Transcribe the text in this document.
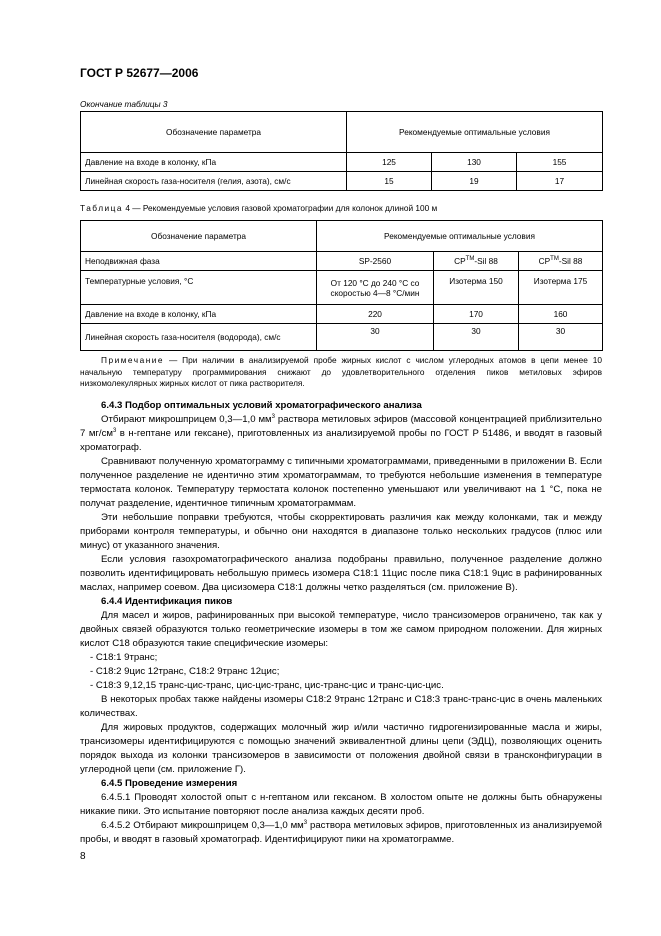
ГОСТ Р 52677—2006
Окончание таблицы 3
Обозначение параметра	Рекомендуемые оптимальные условия		
Давление на входе в колонку, кПа	125	130	155
Линейная скорость газа-носителя (гелия, азота), см/с	15	19	17
Таблица 4 — Рекомендуемые условия газовой хроматографии для колонок длиной 100 м
Обозначение параметра	Рекомендуемые оптимальные условия		
Неподвижная фаза	SP-2560	CP™-Sil 88	CP™-Sil 88
Температурные условия, °С	От 120 °С до 240 °С со скоростью 4—8 °С/мин	Изотерма 150	Изотерма 175
Давление на входе в колонку, кПа	220	170	160
Линейная скорость газа-носителя (водорода), см/с	30	30	30
Примечание — При наличии в анализируемой пробе жирных кислот с числом углеродных атомов в цепи менее 10 начальную температуру программирования снижают до удовлетворительного отделения пиков метиловых эфиров низкомолекулярных жирных кислот от пика растворителя.

6.4.3 Подбор оптимальных условий хроматографического анализа

Отбирают микрошприцем 0,3—1,0 $мм^3$ раствора метиловых эфиров (массовой концентрацией приблизительно 7 $мг/см^3$ в н-гептане или гексане), приготовленных из анализируемой пробы по ГОСТ Р 51486, и вводят в газовый хроматограф.

Сравнивают полученную хроматограмму с типичными хроматограммами, приведенными в приложении В. Если полученное разделение не идентично этим хроматограммам, то требуются небольшие изменения в температуре термостата колонок. Температуру термостата колонок постепенно уменьшают или увеличивают на 1 °С, пока не получат разделение, идентичное типичным хроматограммам.

Эти небольшие поправки требуются, чтобы скорректировать различия как между колонками, так и между приборами контроля температуры, и обычно они находятся в диапазоне только нескольких градусов (плюс или минус) от указанного значения.

Если условия газохроматографического анализа подобраны правильно, полученное разделение должно позволить идентифицировать небольшую примесь изомера С18:1 11цис после пика С18:1 9цис в рафинированных маслах, например соевом. Два цисизомера С18:1 должны четко разделяться (см. приложение В).

6.4.4 Идентификация пиков

Для масел и жиров, рафинированных при высокой температуре, число трансизомеров ограничено, так как у двойных связей образуются только геометрические изомеры в том же самом природном положении. Для жирных кислот С18 образуются такие специфические изомеры:

- С18:1 9транс;

- С18:2 9цис 12транс, С18:2 9транс 12цис;

- С18:3 9,12,15 транс-цис-транс, цис-цис-транс, цис-транс-цис и транс-цис-цис.

В некоторых пробах также найдены изомеры С18:2 9транс 12транс и С18:3 транс-транс-цис в очень маленьких количествах.

Для жировых продуктов, содержащих молочный жир и/или частично гидрогенизированные масла и жиры, трансизомеры идентифицируются с помощью значений эквивалентной длины цепи (ЭДЦ), позволяющих оценить порядок выхода из колонки трансизомеров в зависимости от положения двойной связи в трансконфигурации в углеродной цепи (см. приложение Г).

6.4.5 Проведение измерения

6.4.5.1 Проводят холостой опыт с н-гептаном или гексаном. В холостом опыте не должны быть обнаружены никакие пики. Это испытание повторяют после анализа каждых десяти проб.

6.4.5.2 Отбирают микрошприцем 0,3—1,0 $мм^3$ раствора метиловых эфиров, приготовленных из анализируемой пробы, и вводят в газовый хроматограф. Идентифицируют пики на хроматограмме.

8
